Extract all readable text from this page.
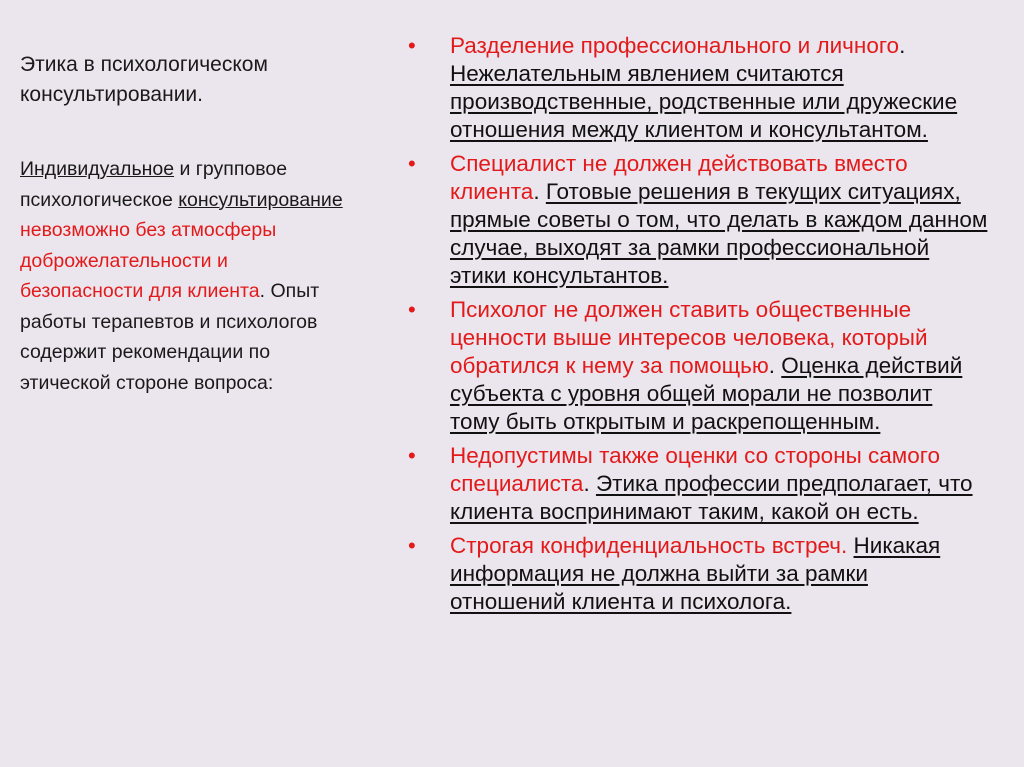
Этика в психологическом консультировании.

Индивидуальное и групповое психологическое консультирование невозможно без атмосферы доброжелательности и безопасности для клиента. Опыт работы терапевтов и психологов содержит рекомендации по этической стороне вопроса:

• Разделение профессионального и личного. Нежелательным явлением считаются производственные, родственные или дружеские отношения между клиентом и консультантом.
• Специалист не должен действовать вместо клиента. Готовые решения в текущих ситуациях, прямые советы о том, что делать в каждом данном случае, выходят за рамки профессиональной этики консультантов.
• Психолог не должен ставить общественные ценности выше интересов человека, который обратился к нему за помощью. Оценка действий субъекта с уровня общей морали не позволит тому быть открытым и раскрепощенным.
• Недопустимы также оценки со стороны самого специалиста. Этика профессии предполагает, что клиента воспринимают таким, какой он есть.
• Строгая конфиденциальность встреч. Никакая информация не должна выйти за рамки отношений клиента и психолога.
